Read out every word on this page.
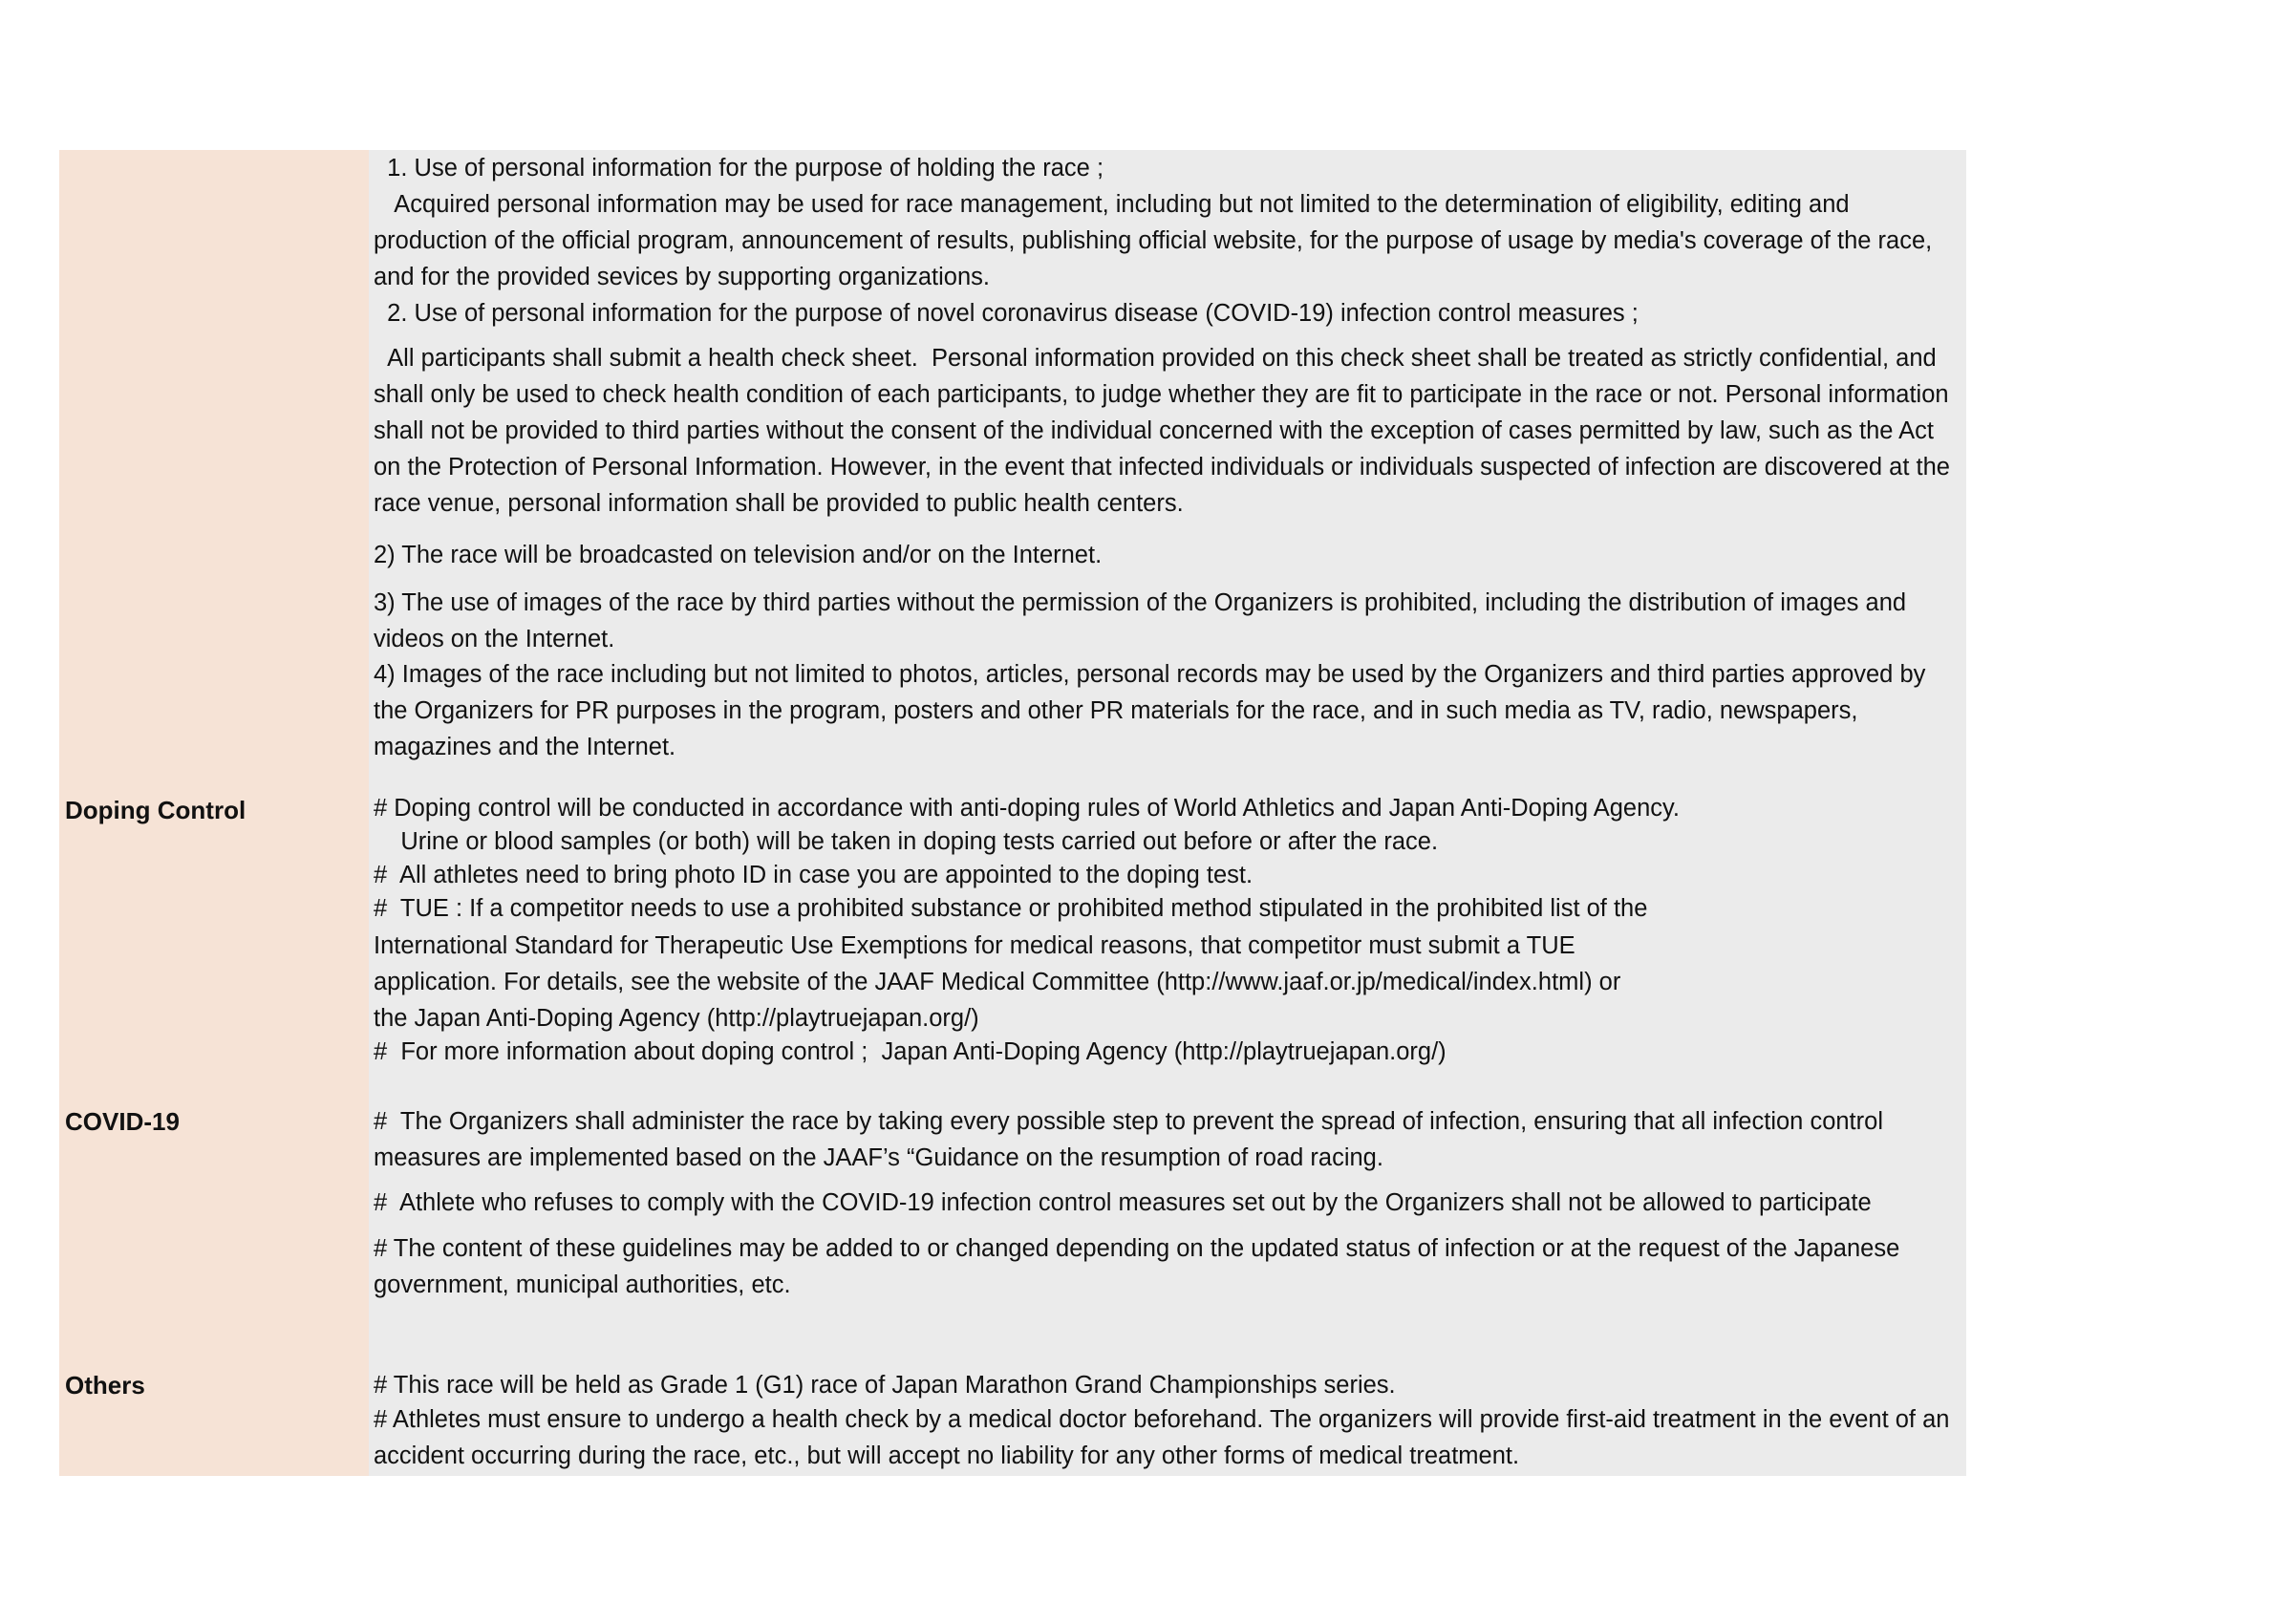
1. Use of personal information for the purpose of holding the race ;

Acquired personal information may be used for race management, including but not limited to the determination of eligibility, editing and production of the official program, announcement of results, publishing official website, for the purpose of usage by media's coverage of the race, and for the provided sevices by supporting organizations.

2. Use of personal information for the purpose of novel coronavirus disease (COVID-19) infection control measures ;

All participants shall submit a health check sheet.  Personal information provided on this check sheet shall be treated as strictly confidential, and shall only be used to check health condition of each participants, to judge whether they are fit to participate in the race or not. Personal information shall not be provided to third parties without the consent of the individual concerned with the exception of cases permitted by law, such as the Act on the Protection of Personal Information. However, in the event that infected individuals or individuals suspected of infection are discovered at the race venue, personal information shall be provided to public health centers.

2) The race will be broadcasted on television and/or on the Internet.

3) The use of images of the race by third parties without the permission of the Organizers is prohibited, including the distribution of images and videos on the Internet.

4) Images of the race including but not limited to photos, articles, personal records may be used by the Organizers and third parties approved by the Organizers for PR purposes in the program, posters and other PR materials for the race, and in such media as TV, radio, newspapers, magazines and the Internet.

Doping Control	# Doping control will be conducted in accordance with anti-doping rules of World Athletics and Japan Anti-Doping Agency.

Urine or blood samples (or both) will be taken in doping tests carried out before or after the race.

#  All athletes need to bring photo ID in case you are appointed to the doping test.

#  TUE : If a competitor needs to use a prohibited substance or prohibited method stipulated in the prohibited list of the

International Standard for Therapeutic Use Exemptions for medical reasons, that competitor must submit a TUE

application. For details, see the website of the JAAF Medical Committee (http://www.jaaf.or.jp/medical/index.html) or

the Japan Anti-Doping Agency (http://playtruejapan.org/)

#  For more information about doping control ;  Japan Anti-Doping Agency (http://playtruejapan.org/)

COVID-19	#  The Organizers shall administer the race by taking every possible step to prevent the spread of infection, ensuring that all infection control measures are implemented based on the JAAF’s “Guidance on the resumption of road racing.

#  Athlete who refuses to comply with the COVID-19 infection control measures set out by the Organizers shall not be allowed to participate

# The content of these guidelines may be added to or changed depending on the updated status of infection or at the request of the Japanese government, municipal authorities, etc.

Others	# This race will be held as Grade 1 (G1) race of Japan Marathon Grand Championships series.

# Athletes must ensure to undergo a health check by a medical doctor beforehand. The organizers will provide first-aid treatment in the event of an accident occurring during the race, etc., but will accept no liability for any other forms of medical treatment.
